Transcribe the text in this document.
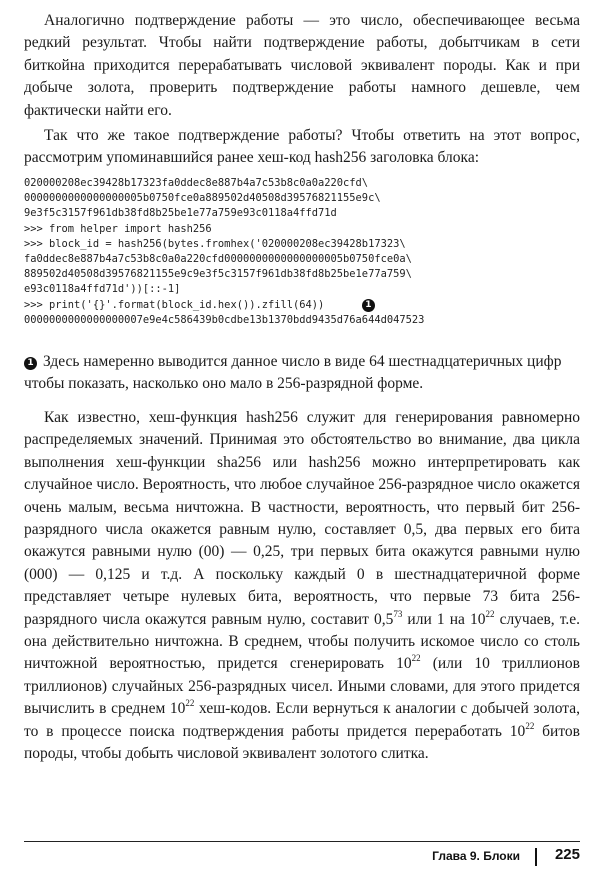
Аналогично подтверждение работы — это число, обеспечивающее весьма редкий результат. Чтобы найти подтверждение работы, добытчикам в сети биткойна приходится перерабатывать числовой эквивалент породы. Как и при добыче золота, проверить подтверждение работы намного дешевле, чем фактически найти его.

Так что же такое подтверждение работы? Чтобы ответить на этот вопрос, рассмотрим упоминавшийся ранее хеш-код hash256 заголовка блока:

020000208ec39428b17323fa0ddec8e887b4a7c53b8c0a0a220cfd\
0000000000000000005b0750fce0a889502d40508d39576821155e9c\
9e3f5c3157f961db38fd8b25be1e77a759e93c0118a4ffd71d
>>> from helper import hash256
>>> block_id = hash256(bytes.fromhex('020000208ec39428b17323\
fa0ddec8e887b4a7c53b8c0a0a220cfd0000000000000000005b0750fce0a\
889502d40508d39576821155e9c9e3f5c3157f961db38fd8b25be1e77a759\
e93c0118a4ffd71d'))[::-1]
>>> print('{}'.format(block_id.hex()).zfill(64))	1
0000000000000000007e9e4c586439b0cdbe13b1370bdd9435d76a644d047523

1 Здесь намеренно выводится данное число в виде 64 шестнадцатеричных цифр чтобы показать, насколько оно мало в 256-разрядной форме.

Как известно, хеш-функция hash256 служит для генерирования равномерно распределяемых значений. Принимая это обстоятельство во внимание, два цикла выполнения хеш-функции sha256 или hash256 можно интерпретировать как случайное число. Вероятность, что любое случайное 256-разрядное число окажется очень малым, весьма ничтожна. В частности, вероятность, что первый бит 256-разрядного числа окажется равным нулю, составляет 0,5, два первых его бита окажутся равными нулю (00) — 0,25, три первых бита окажутся равными нулю (000) — 0,125 и т.д. А поскольку каждый 0 в шестнадцатеричной форме представляет четыре нулевых бита, вероятность, что первые 73 бита 256-разрядного числа окажутся равным нулю, составит $0,5^{73}$ или 1 на $10^{22}$ случаев, т.е. она действительно ничтожна. В среднем, чтобы получить искомое число со столь ничтожной вероятностью, придется сгенерировать $10^{22}$ (или 10 триллионов триллионов) случайных 256-разрядных чисел. Иными словами, для этого придется вычислить в среднем $10^{22}$ хеш-кодов. Если вернуться к аналогии с добычей золота, то в процессе поиска подтверждения работы придется переработать $10^{22}$ битов породы, чтобы добыть числовой эквивалент золотого слитка.

Глава 9. Блоки 225
